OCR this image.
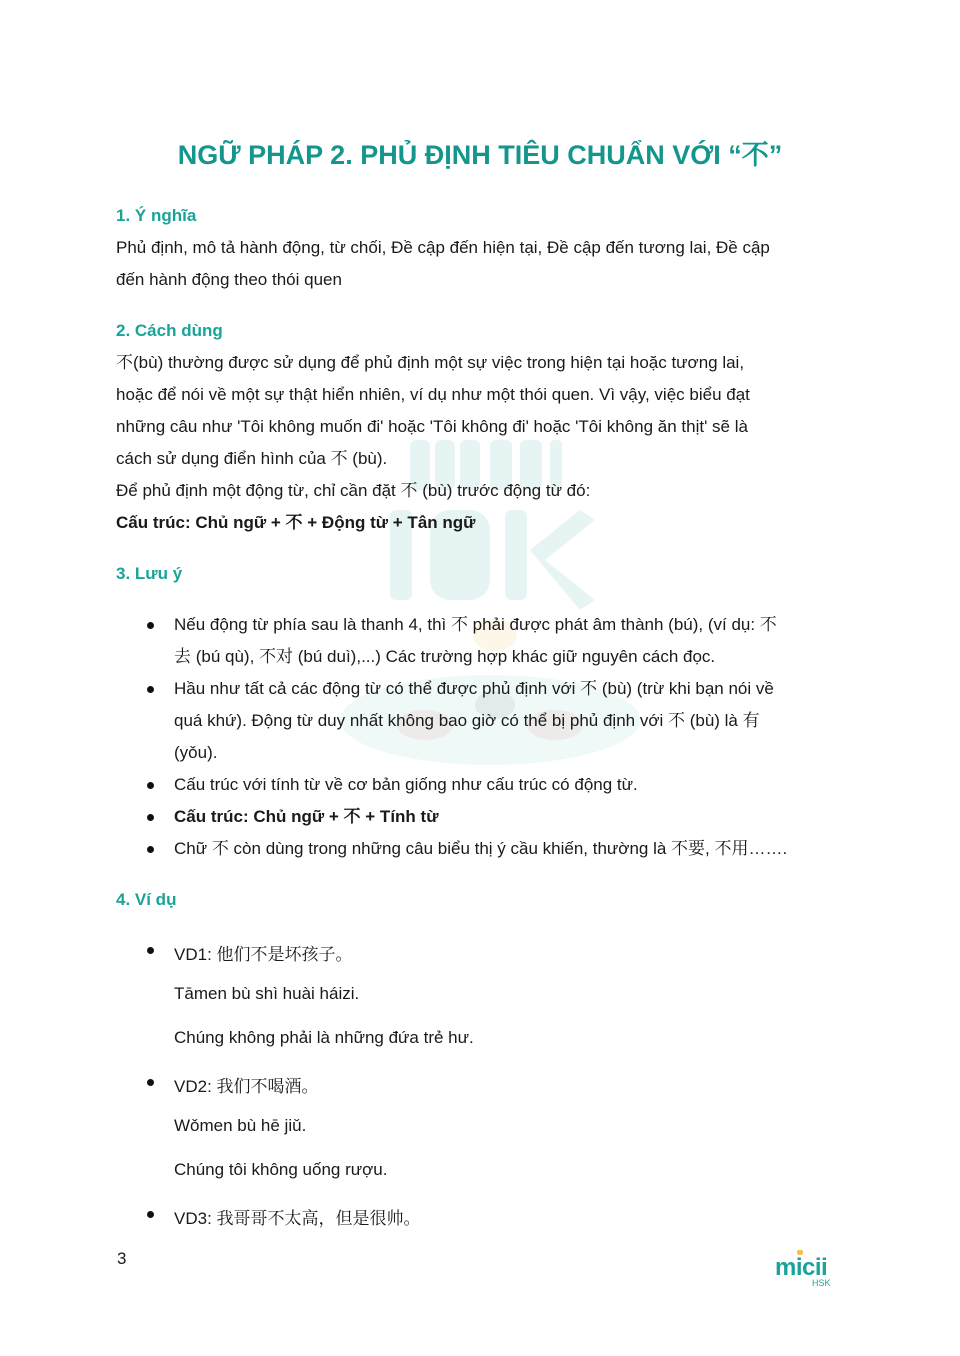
NGỮ PHÁP 2. PHỦ ĐỊNH TIÊU CHUẨN VỚI “不”
1. Ý nghĩa
Phủ định, mô tả hành động, từ chối, Đề cập đến hiện tại, Đề cập đến tương lai, Đề cập
đến hành động theo thói quen
2. Cách dùng
不(bù) thường được sử dụng để phủ định một sự việc trong hiện tại hoặc tương lai,
hoặc để nói về một sự thật hiển nhiên, ví dụ như một thói quen. Vì vậy, việc biểu đạt
những câu như 'Tôi không muốn đi' hoặc 'Tôi không đi' hoặc 'Tôi không ăn thịt' sẽ là
cách sử dụng điển hình của 不 (bù).
Để phủ định một động từ, chỉ cần đặt 不 (bù) trước động từ đó:
Cấu trúc: Chủ ngữ + 不 + Động từ + Tân ngữ
3. Lưu ý
Nếu động từ phía sau là thanh 4, thì 不 phải được phát âm thành (bú), (ví dụ: 不
去 (bú qù), 不对 (bú duì),...) Các trường hợp khác giữ nguyên cách đọc.
Hầu như tất cả các động từ có thể được phủ định với 不 (bù) (trừ khi bạn nói về
quá khứ). Động từ duy nhất không bao giờ có thể bị phủ định với 不 (bù) là 有
(yǒu).
Cấu trúc với tính từ về cơ bản giống như cấu trúc có động từ.
Cấu trúc: Chủ ngữ + 不 + Tính từ
Chữ 不 còn dùng trong những câu biểu thị ý cầu khiến, thường là 不要, 不用…….
4. Ví dụ
VD1: 他们不是坏孩子。
Tāmen bù shì huài háizi.
Chúng không phải là những đứa trẻ hư.
VD2: 我们不喝酒。
Wǒmen bù hē jiǔ.
Chúng tôi không uống rượu.
VD3: 我哥哥不太高，但是很帅。
3	micii
HSK
